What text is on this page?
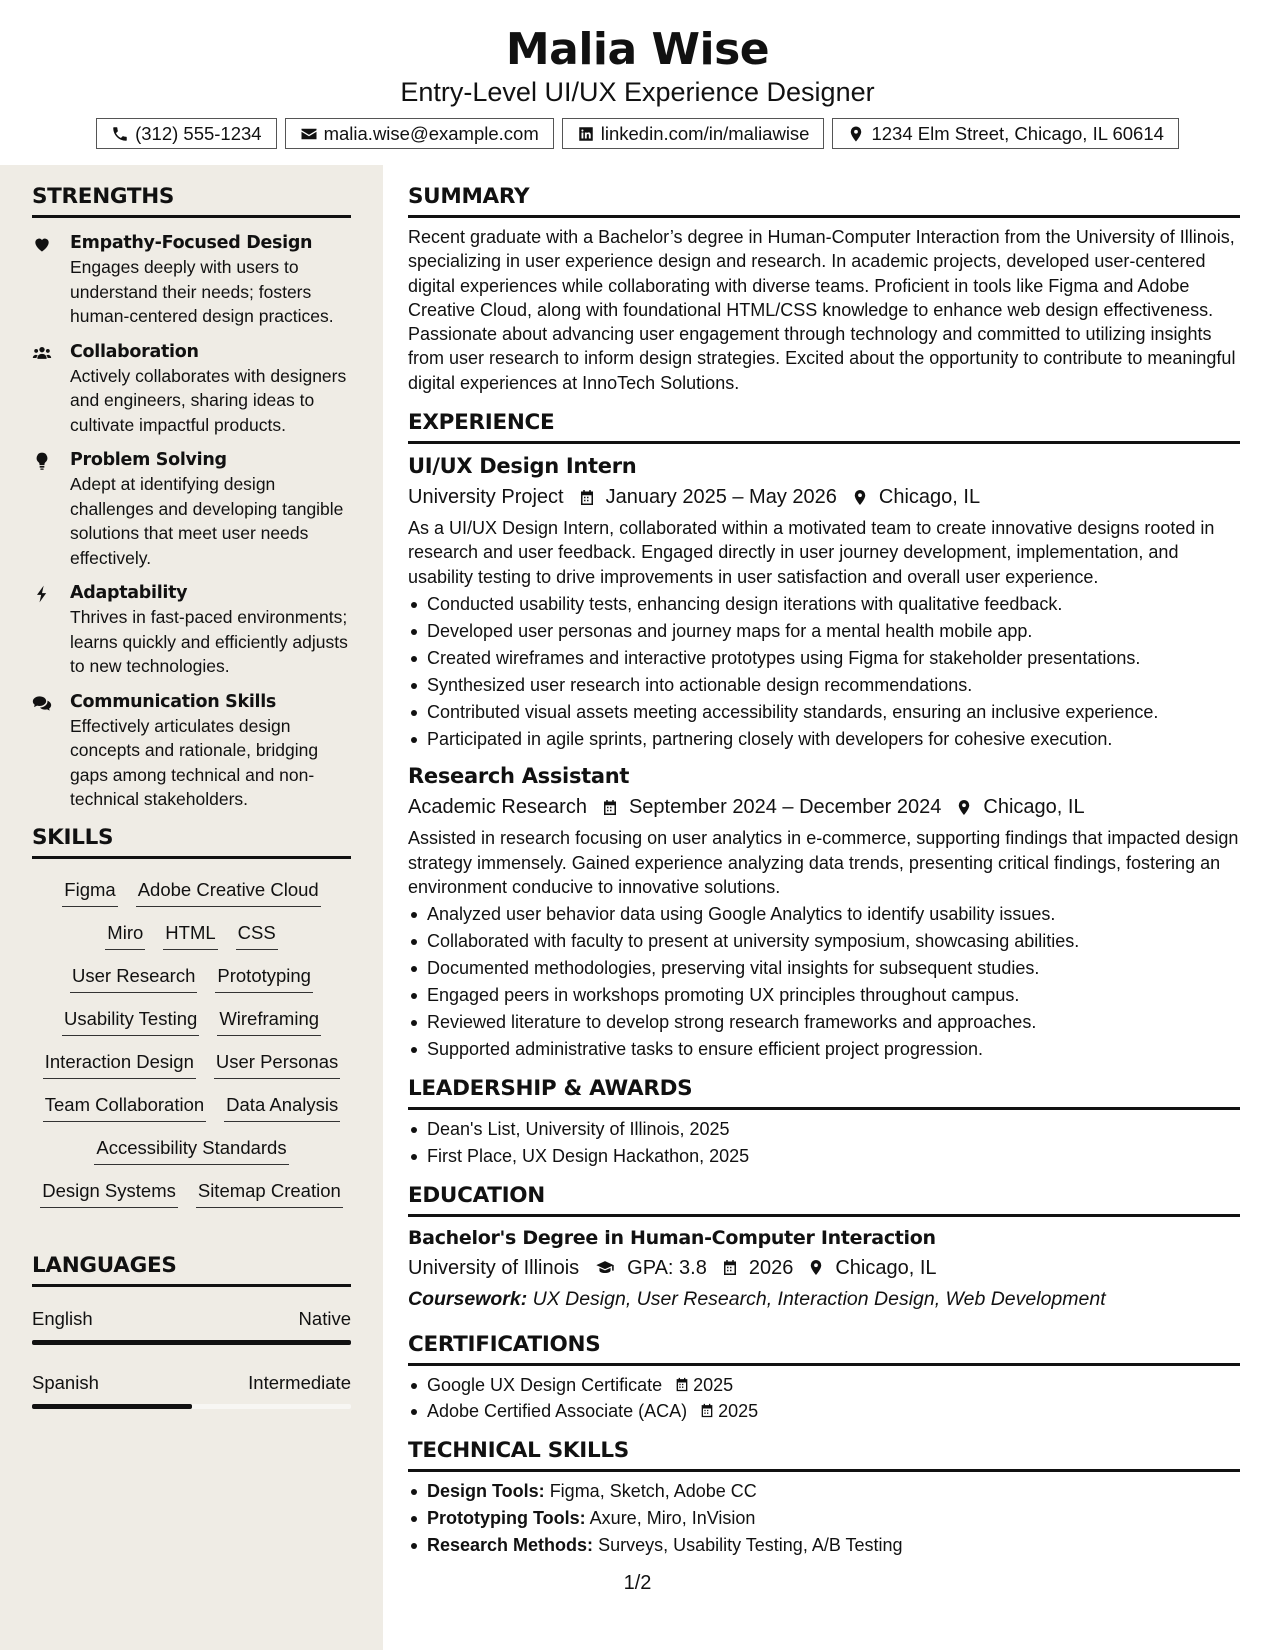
Malia Wise
Entry-Level UI/UX Experience Designer
(312) 555-1234	malia.wise@example.com	linkedin.com/in/maliawise	1234 Elm Street, Chicago, IL 60614
STRENGTHS
Empathy-Focused Design
Engages deeply with users to understand their needs; fosters human-centered design practices.
Collaboration
Actively collaborates with designers and engineers, sharing ideas to cultivate impactful products.
Problem Solving
Adept at identifying design challenges and developing tangible solutions that meet user needs effectively.
Adaptability
Thrives in fast-paced environments; learns quickly and efficiently adjusts to new technologies.
Communication Skills
Effectively articulates design concepts and rationale, bridging gaps among technical and non-technical stakeholders.
SKILLS
Figma Adobe Creative Cloud
Miro HTML CSS
User Research Prototyping
Usability Testing Wireframing
Interaction Design User Personas
Team Collaboration Data Analysis
Accessibility Standards
Design Systems Sitemap Creation
LANGUAGES
English	Native
Spanish	Intermediate
SUMMARY
Recent graduate with a Bachelor’s degree in Human-Computer Interaction from the University of Illinois, specializing in user experience design and research. In academic projects, developed user-centered digital experiences while collaborating with diverse teams. Proficient in tools like Figma and Adobe Creative Cloud, along with foundational HTML/CSS knowledge to enhance web design effectiveness. Passionate about advancing user engagement through technology and committed to utilizing insights from user research to inform design strategies. Excited about the opportunity to contribute to meaningful digital experiences at InnoTech Solutions.
EXPERIENCE
UI/UX Design Intern
University Project January 2025 – May 2026 Chicago, IL
As a UI/UX Design Intern, collaborated within a motivated team to create innovative designs rooted in research and user feedback. Engaged directly in user journey development, implementation, and usability testing to drive improvements in user satisfaction and overall user experience.
Conducted usability tests, enhancing design iterations with qualitative feedback.
Developed user personas and journey maps for a mental health mobile app.
Created wireframes and interactive prototypes using Figma for stakeholder presentations.
Synthesized user research into actionable design recommendations.
Contributed visual assets meeting accessibility standards, ensuring an inclusive experience.
Participated in agile sprints, partnering closely with developers for cohesive execution.
Research Assistant
Academic Research September 2024 – December 2024 Chicago, IL
Assisted in research focusing on user analytics in e-commerce, supporting findings that impacted design strategy immensely. Gained experience analyzing data trends, presenting critical findings, fostering an environment conducive to innovative solutions.
Analyzed user behavior data using Google Analytics to identify usability issues.
Collaborated with faculty to present at university symposium, showcasing abilities.
Documented methodologies, preserving vital insights for subsequent studies.
Engaged peers in workshops promoting UX principles throughout campus.
Reviewed literature to develop strong research frameworks and approaches.
Supported administrative tasks to ensure efficient project progression.
LEADERSHIP & AWARDS
Dean's List, University of Illinois, 2025
First Place, UX Design Hackathon, 2025
EDUCATION
Bachelor's Degree in Human-Computer Interaction
University of Illinois GPA: 3.8 2026 Chicago, IL
Coursework: UX Design, User Research, Interaction Design, Web Development
CERTIFICATIONS
Google UX Design Certificate 2025
Adobe Certified Associate (ACA) 2025
TECHNICAL SKILLS
Design Tools: Figma, Sketch, Adobe CC
Prototyping Tools: Axure, Miro, InVision
Research Methods: Surveys, Usability Testing, A/B Testing
1/2
